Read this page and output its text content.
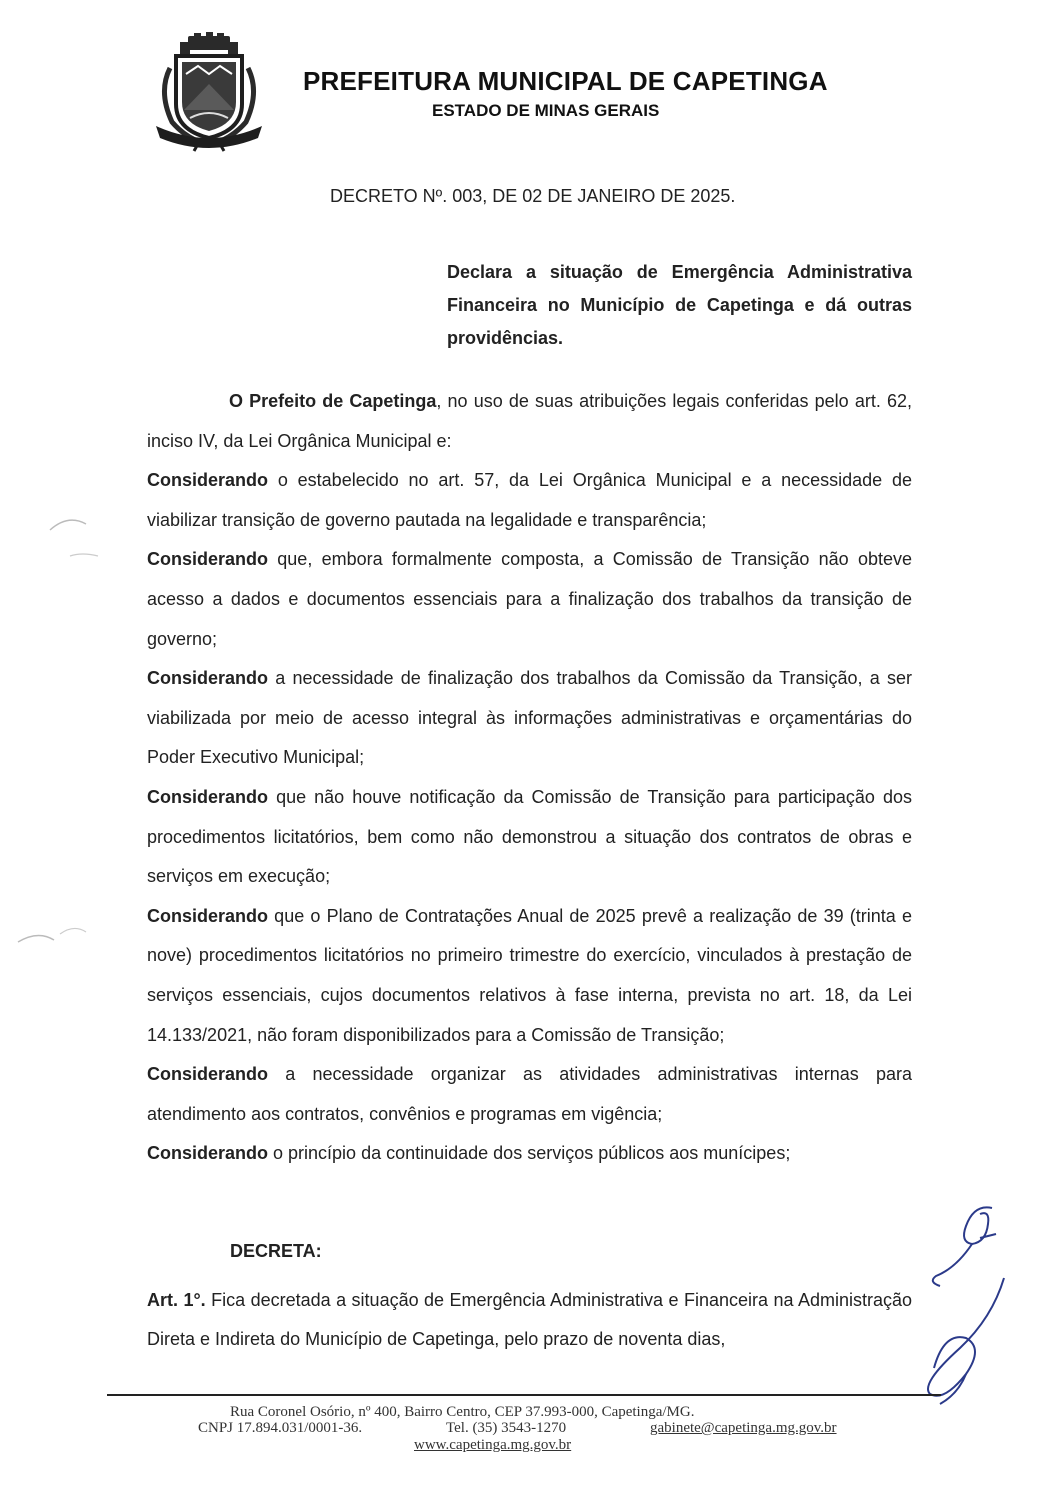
PREFEITURA MUNICIPAL DE CAPETINGA
ESTADO DE MINAS GERAIS
DECRETO Nº. 003, DE 02 DE JANEIRO DE 2025.
Declara a situação de Emergência Administrativa Financeira no Município de Capetinga e dá outras providências.

O Prefeito de Capetinga, no uso de suas atribuições legais conferidas pelo art. 62, inciso IV, da Lei Orgânica Municipal e:

Considerando o estabelecido no art. 57, da Lei Orgânica Municipal e a necessidade de viabilizar transição de governo pautada na legalidade e transparência;

Considerando que, embora formalmente composta, a Comissão de Transição não obteve acesso a dados e documentos essenciais para a finalização dos trabalhos da transição de governo;

Considerando a necessidade de finalização dos trabalhos da Comissão da Transição, a ser viabilizada por meio de acesso integral às informações administrativas e orçamentárias do Poder Executivo Municipal;

Considerando que não houve notificação da Comissão de Transição para participação dos procedimentos licitatórios, bem como não demonstrou a situação dos contratos de obras e serviços em execução;

Considerando que o Plano de Contratações Anual de 2025 prevê a realização de 39 (trinta e nove) procedimentos licitatórios no primeiro trimestre do exercício, vinculados à prestação de serviços essenciais, cujos documentos relativos à fase interna, prevista no art. 18, da Lei 14.133/2021, não foram disponibilizados para a Comissão de Transição;

Considerando a necessidade organizar as atividades administrativas internas para atendimento aos contratos, convênios e programas em vigência;

Considerando o princípio da continuidade dos serviços públicos aos munícipes;

DECRETA:

Art. 1°. Fica decretada a situação de Emergência Administrativa e Financeira na Administração Direta e Indireta do Município de Capetinga, pelo prazo de noventa dias,

Rua Coronel Osório, nº 400, Bairro Centro, CEP 37.993-000, Capetinga/MG.
CNPJ 17.894.031/0001-36.	Tel. (35) 3543-1270	gabinete@capetinga.mg.gov.br
www.capetinga.mg.gov.br
